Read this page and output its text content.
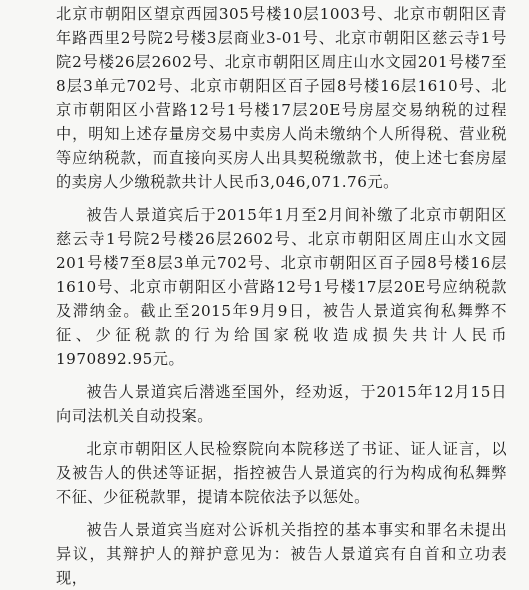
北京市朝阳区望京西园305号楼10层1003号、北京市朝阳区青年路西里2号院2号楼3层商业3-01号、北京市朝阳区慈云寺1号院2号楼26层2602号、北京市朝阳区周庄山水文园201号楼7至8层3单元702号、北京市朝阳区百子园8号楼16层1610号、北京市朝阳区小营路12号1号楼17层20E号房屋交易纳税的过程中，明知上述存量房交易中卖房人尚未缴纳个人所得税、营业税等应纳税款，而直接向买房人出具契税缴款书，使上述七套房屋的卖房人少缴税款共计人民币3,046,071.76元。

被告人景道宾后于2015年1月至2月间补缴了北京市朝阳区慈云寺1号院2号楼26层2602号、北京市朝阳区周庄山水文园201号楼7至8层3单元702号、北京市朝阳区百子园8号楼16层1610号、北京市朝阳区小营路12号1号楼17层20E号应纳税款及滞纳金。截止至2015年9月9日，被告人景道宾徇私舞弊不征、少征税款的行为给国家税收造成损失共计人民币1970892.95元。

被告人景道宾后潜逃至国外，经劝返，于2015年12月15日向司法机关自动投案。

北京市朝阳区人民检察院向本院移送了书证、证人证言，以及被告人的供述等证据，指控被告人景道宾的行为构成徇私舞弊不征、少征税款罪，提请本院依法予以惩处。

被告人景道宾当庭对公诉机关指控的基本事实和罪名未提出异议，其辩护人的辩护意见为：被告人景道宾有自首和立功表现，
